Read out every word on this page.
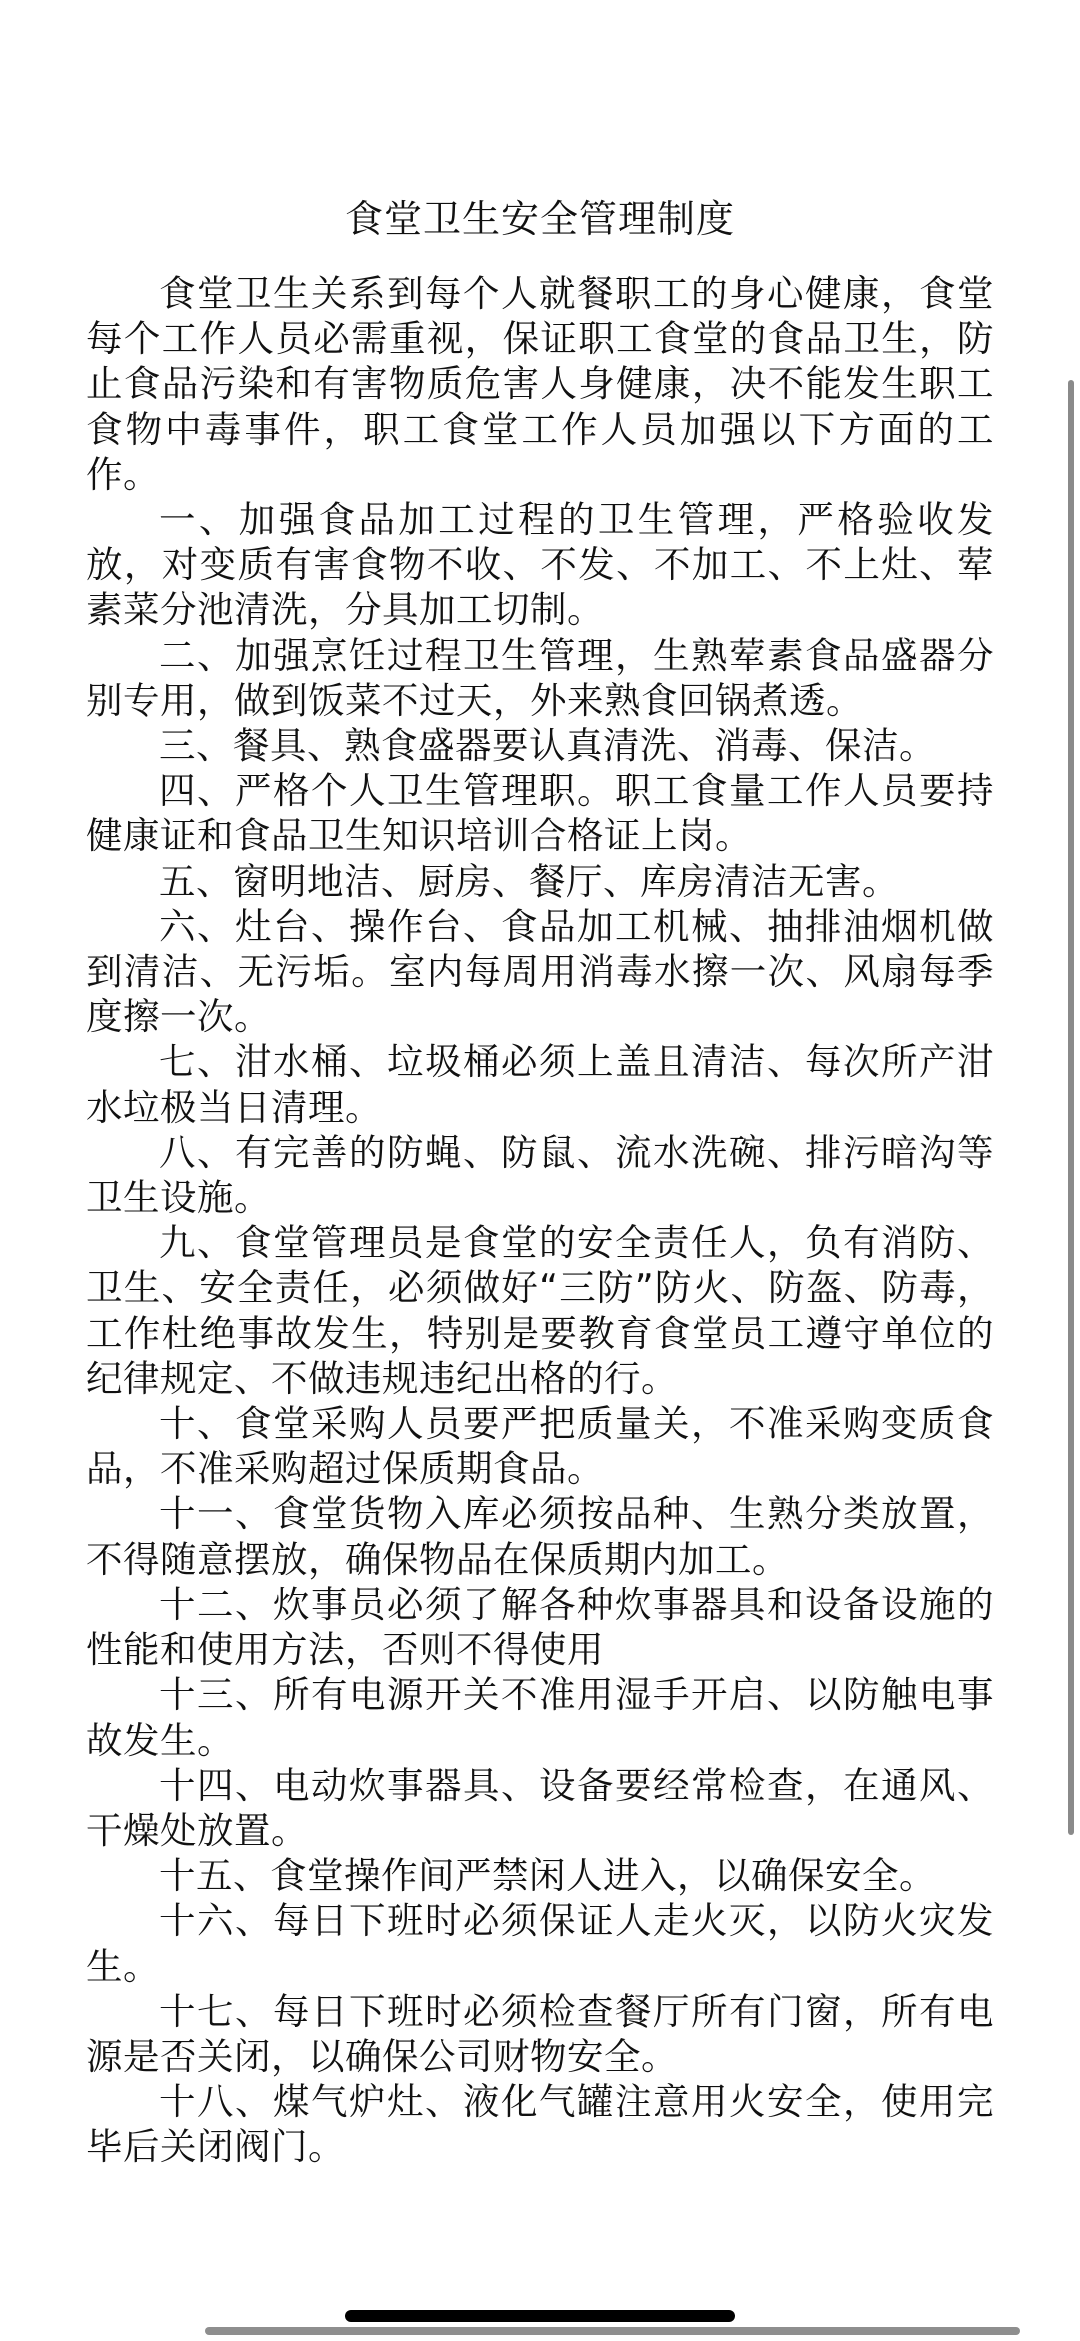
食堂卫生安全管理制度

食堂卫生关系到每个人就餐职工的身心健康，食堂每个工作人员必需重视，保证职工食堂的食品卫生，防止食品污染和有害物质危害人身健康，决不能发生职工食物中毒事件，职工食堂工作人员加强以下方面的工作。

一、加强食品加工过程的卫生管理，严格验收发放，对变质有害食物不收、不发、不加工、不上灶、荤素菜分池清洗，分具加工切制。

二、加强烹饪过程卫生管理，生熟荤素食品盛器分别专用，做到饭菜不过天，外来熟食回锅煮透。

三、餐具、熟食盛器要认真清洗、消毒、保洁。

四、严格个人卫生管理职。职工食量工作人员要持健康证和食品卫生知识培训合格证上岗。

五、窗明地洁、厨房、餐厅、库房清洁无害。

六、灶台、操作台、食品加工机械、抽排油烟机做到清洁、无污垢。室内每周用消毒水擦一次、风扇每季度擦一次。

七、泔水桶、垃圾桶必须上盖且清洁、每次所产泔水垃极当日清理。

八、有完善的防蝇、防鼠、流水洗碗、排污暗沟等卫生设施。

九、食堂管理员是食堂的安全责任人，负有消防、卫生、安全责任，必须做好“三防”防火、防盔、防毒，工作杜绝事故发生，特别是要教育食堂员工遵守单位的纪律规定、不做违规违纪出格的行。

十、食堂采购人员要严把质量关，不准采购变质食品，不准采购超过保质期食品。

十一、食堂货物入库必须按品种、生熟分类放置，不得随意摆放，确保物品在保质期内加工。

十二、炊事员必须了解各种炊事器具和设备设施的性能和使用方法，否则不得使用

十三、所有电源开关不准用湿手开启、以防触电事故发生。

十四、电动炊事器具、设备要经常检查，在通风、干燥处放置。

十五、食堂操作间严禁闲人进入，以确保安全。

十六、每日下班时必须保证人走火灭，以防火灾发生。

十七、每日下班时必须检查餐厅所有门窗，所有电源是否关闭，以确保公司财物安全。

十八、煤气炉灶、液化气罐注意用火安全，使用完毕后关闭阀门。
